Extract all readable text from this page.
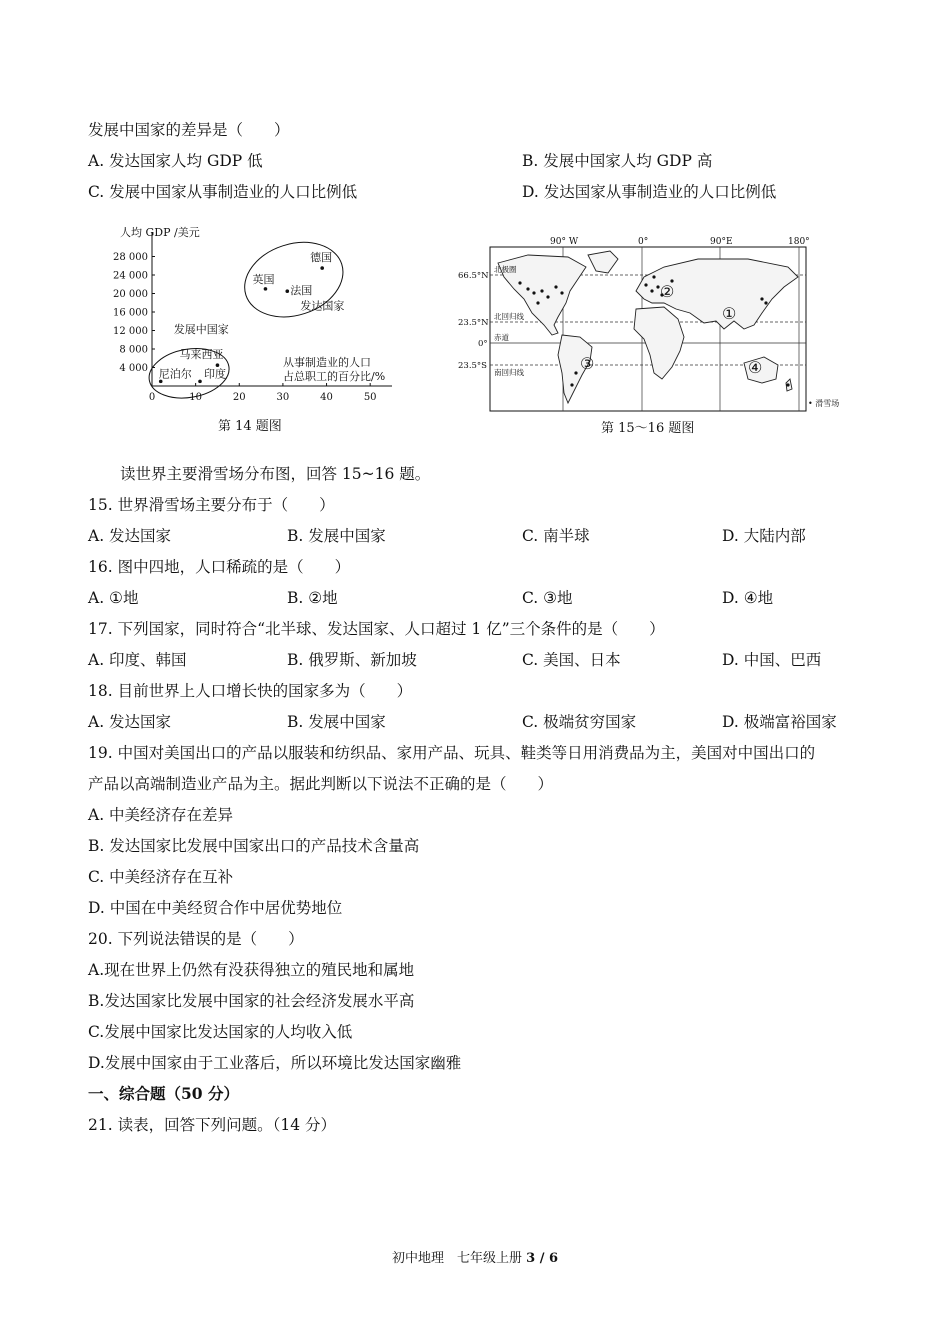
发展中国家的差异是（　　）
A. 发达国家人均 GDP 低	B. 发展中国家人均 GDP 高
C. 发展中国家从事制造业的人口比例低	D. 发达国家从事制造业的人口比例低
0	10	20	30	40	50
4 000
8 000
12 000
16 000
20 000
24 000
28 000
发达国家
发展中国家
德国
英国
法国
马来西亚
尼泊尔 印度
人均 GDP /美元
从事制造业的人口
占总职工的百分比/%
第 14 题图
90° W	0°	90°E	180°
66.5°N
23.5°N
0°
23.5°S
北极圈
北回归线
赤道
南回归线
②
①
③	④
• 滑雪场
第 15～16 题图
读世界主要滑雪场分布图，回答 15~16 题。
15. 世界滑雪场主要分布于（　　）
A. 发达国家	B. 发展中国家	C. 南半球	D. 大陆内部
16. 图中四地，人口稀疏的是（　　）
A. ①地	B. ②地	C. ③地	D. ④地
17. 下列国家，同时符合“北半球、发达国家、人口超过 1 亿”三个条件的是（　　）
A. 印度、韩国	B. 俄罗斯、新加坡	C. 美国、日本	D. 中国、巴西
18. 目前世界上人口增长快的国家多为（　　）
A. 发达国家	B. 发展中国家	C. 极端贫穷国家	D. 极端富裕国家
19. 中国对美国出口的产品以服装和纺织品、家用产品、玩具、鞋类等日用消费品为主，美国对中国出口的
产品以高端制造业产品为主。据此判断以下说法不正确的是（　　）
A. 中美经济存在差异
B. 发达国家比发展中国家出口的产品技术含量高
C. 中美经济存在互补
D. 中国在中美经贸合作中居优势地位
20. 下列说法错误的是（　　）
A.现在世界上仍然有没获得独立的殖民地和属地
B.发达国家比发展中国家的社会经济发展水平高
C.发展中国家比发达国家的人均收入低
D.发展中国家由于工业落后，所以环境比发达国家幽雅
一、综合题（50 分）
21. 读表，回答下列问题。（14 分）
初中地理　七年级上册 3 / 6
